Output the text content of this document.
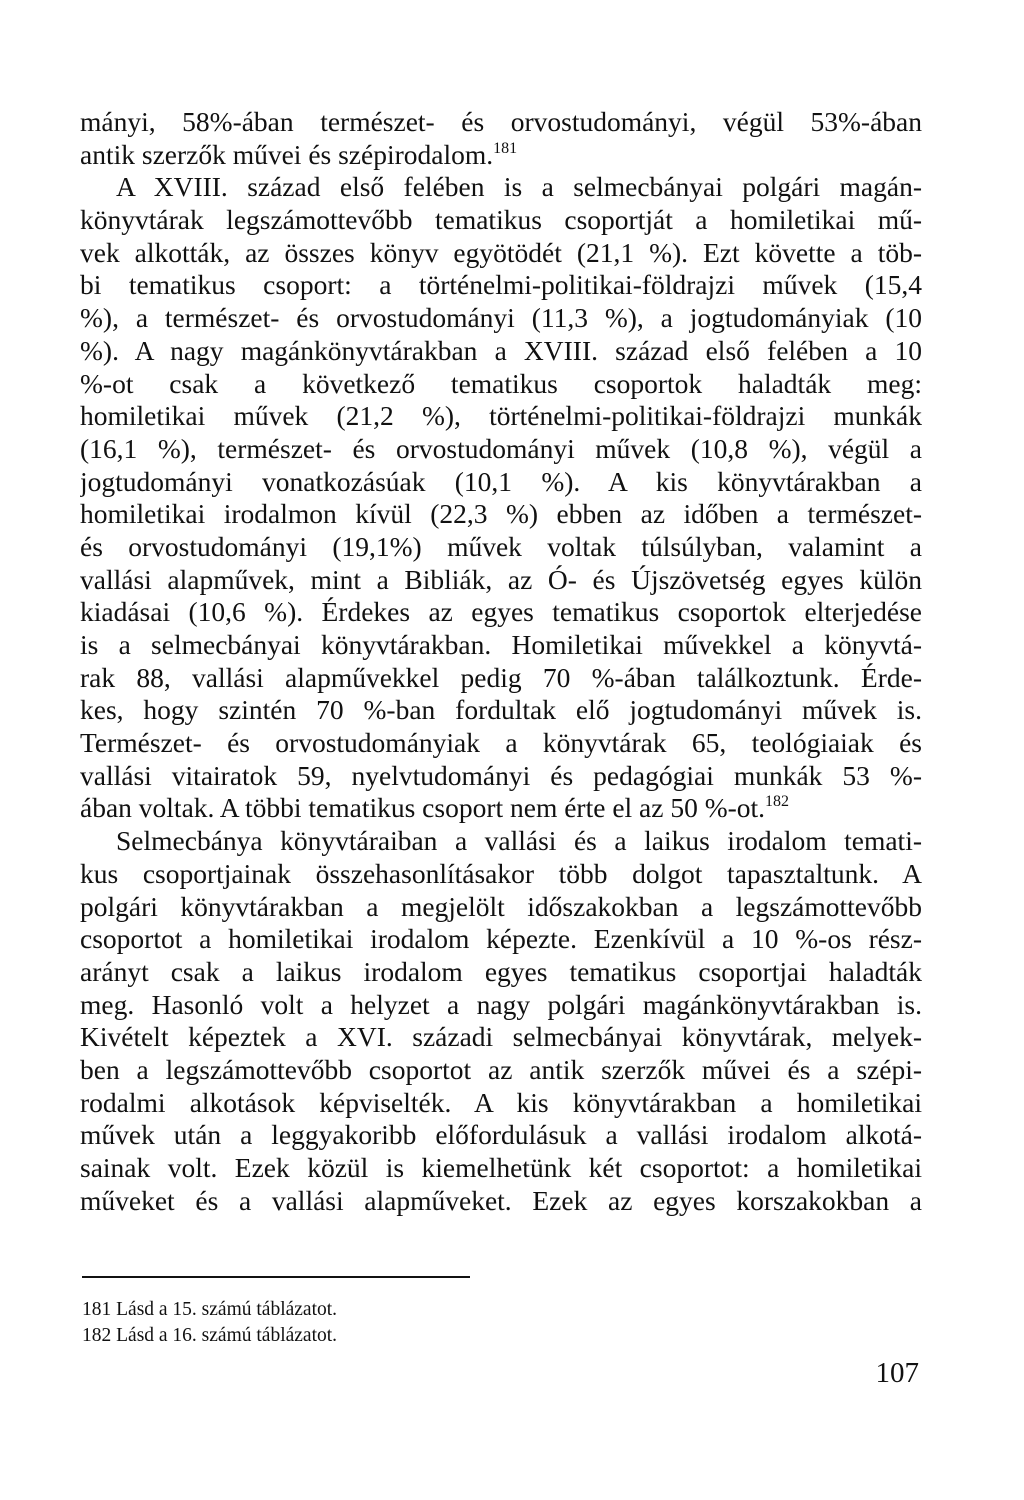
mányi, 58%-ában természet- és orvostudományi, végül 53%-ában
antik szerzők művei és szépirodalom.$^{181}$
A XVIII. század első felében is a selmecbányai polgári magán-
könyvtárak legszámottevőbb tematikus csoportját a homiletikai mű-
vek alkották, az összes könyv egyötödét (21,1 %). Ezt követte a töb-
bi tematikus csoport: a történelmi-politikai-földrajzi művek (15,4
%), a természet- és orvostudományi (11,3 %), a jogtudományiak (10
%). A nagy magánkönyvtárakban a XVIII. század első felében a 10
%-ot csak a következő tematikus csoportok haladták meg:
homiletikai művek (21,2 %), történelmi-politikai-földrajzi munkák
(16,1 %), természet- és orvostudományi művek (10,8 %), végül a
jogtudományi vonatkozásúak (10,1 %). A kis könyvtárakban a
homiletikai irodalmon kívül (22,3 %) ebben az időben a természet-
és orvostudományi (19,1%) művek voltak túlsúlyban, valamint a
vallási alapművek, mint a Bibliák, az Ó- és Újszövetség egyes külön
kiadásai (10,6 %). Érdekes az egyes tematikus csoportok elterjedése
is a selmecbányai könyvtárakban. Homiletikai művekkel a könyvtá-
rak 88, vallási alapművekkel pedig 70 %-ában találkoztunk. Érde-
kes, hogy szintén 70 %-ban fordultak elő jogtudományi művek is.
Természet- és orvostudományiak a könyvtárak 65, teológiaiak és
vallási vitairatok 59, nyelvtudományi és pedagógiai munkák 53 %-
ában voltak. A többi tematikus csoport nem érte el az 50 %-ot.$^{182}$
Selmecbánya könyvtáraiban a vallási és a laikus irodalom temati-
kus csoportjainak összehasonlításakor több dolgot tapasztaltunk. A
polgári könyvtárakban a megjelölt időszakokban a legszámottevőbb
csoportot a homiletikai irodalom képezte. Ezenkívül a 10 %-os rész-
arányt csak a laikus irodalom egyes tematikus csoportjai haladták
meg. Hasonló volt a helyzet a nagy polgári magánkönyvtárakban is.
Kivételt képeztek a XVI. századi selmecbányai könyvtárak, melyek-
ben a legszámottevőbb csoportot az antik szerzők művei és a szépi-
rodalmi alkotások képviselték. A kis könyvtárakban a homiletikai
művek után a leggyakoribb előfordulásuk a vallási irodalom alkotá-
sainak volt. Ezek közül is kiemelhetünk két csoportot: a homiletikai
műveket és a vallási alapműveket. Ezek az egyes korszakokban a
181 Lásd a 15. számú táblázatot.
182 Lásd a 16. számú táblázatot.
107
